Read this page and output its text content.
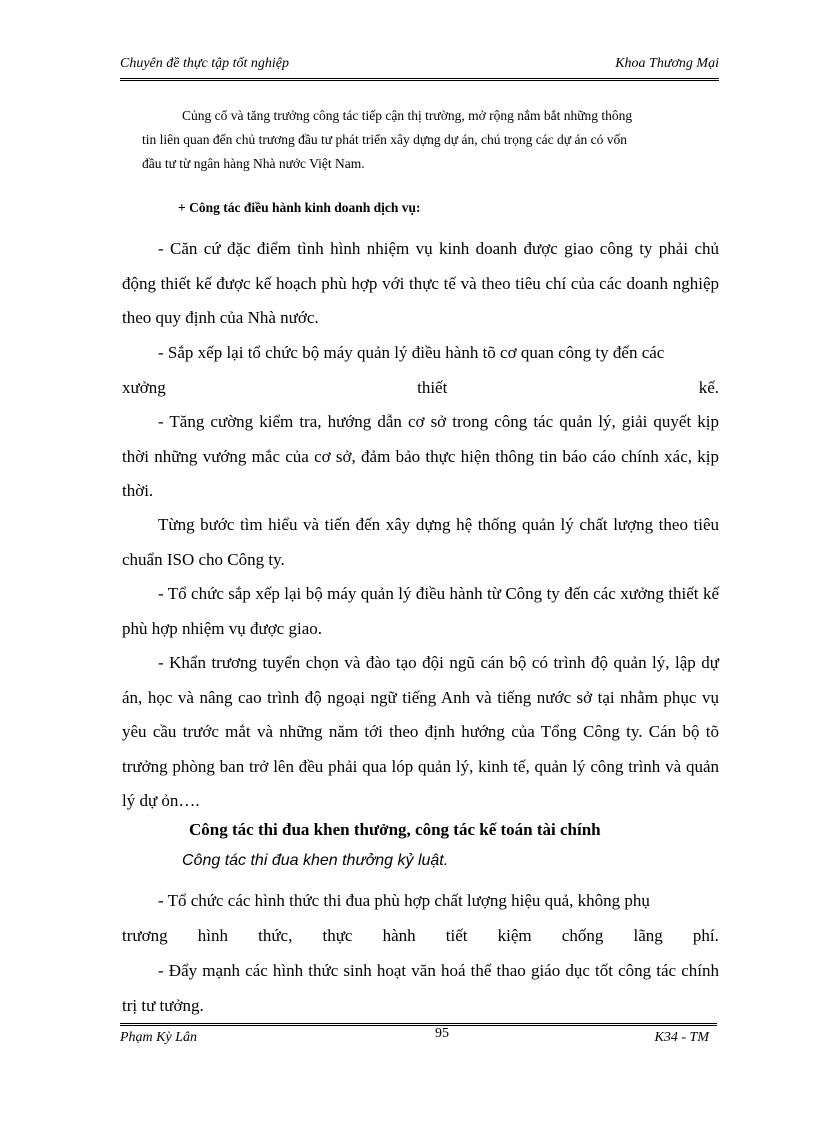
Chuyên đề thực tập tốt nghiệp	Khoa Thương Mại
Củng cổ và tăng trưởng công tác tiếp cận thị trường, mở rộng nắm bắt những thông
tin liên quan đến chủ trương đầu tư phát triển xây dựng dự án, chú trọng các dự án có vốn
đầu tư từ ngân hàng Nhà nước Việt Nam.
+ Công tác điều hành kinh doanh dịch vụ:
- Căn cứ đặc điểm tình hình nhiệm vụ kinh doanh được giao công ty phải chủ động thiết kế được kế hoạch phù hợp với thực tế và theo tiêu chí của các doanh nghiệp theo quy định của Nhà nước.
- Sắp xếp lại tổ chức bộ máy quản lý điều hành tõ cơ quan công ty đến các
xưởng	thiết	kế.
- Tăng cường kiểm tra, hướng dẫn cơ sở trong công tác quản lý, giải quyết kịp thời những vướng mắc của cơ sở, đảm bảo thực hiện thông tin báo cáo chính xác, kịp thời.
Từng bước tìm hiểu và tiến đến xây dựng hệ thống quản lý chất lượng theo tiêu chuẩn ISO cho Công ty.
- Tổ chức sắp xếp lại bộ máy quản lý điều hành từ Công ty đến các xưởng thiết kế phù hợp nhiệm vụ được giao.
- Khẩn trương tuyển chọn và đào tạo đội ngũ cán bộ có trình độ quản lý, lập dự án, học và nâng cao trình độ ngoại ngữ tiếng Anh và tiếng nước sở tại nhằm phục vụ yêu cầu trước mắt và những năm tới theo định hướng của Tổng Công ty. Cán bộ tõ trưởng phòng ban trở lên đều phải qua lóp quản lý, kinh tế, quản lý công trình và quản lý dự ỏn….
Công tác thi đua khen thưởng, công tác kế toán tài chính
Công tác thi đua khen thưởng kỷ luật.
- Tổ chức các hình thức thi đua phù hợp chất lượng hiệu quả, không phụ
trương hình thức, thực hành tiết kiệm chống lãng phí.
- Đẩy mạnh các hình thức sinh hoạt văn hoá thể thao giáo dục tốt công tác chính trị tư tưởng.
Phạm Kỳ Lân	95	K34 - TM
